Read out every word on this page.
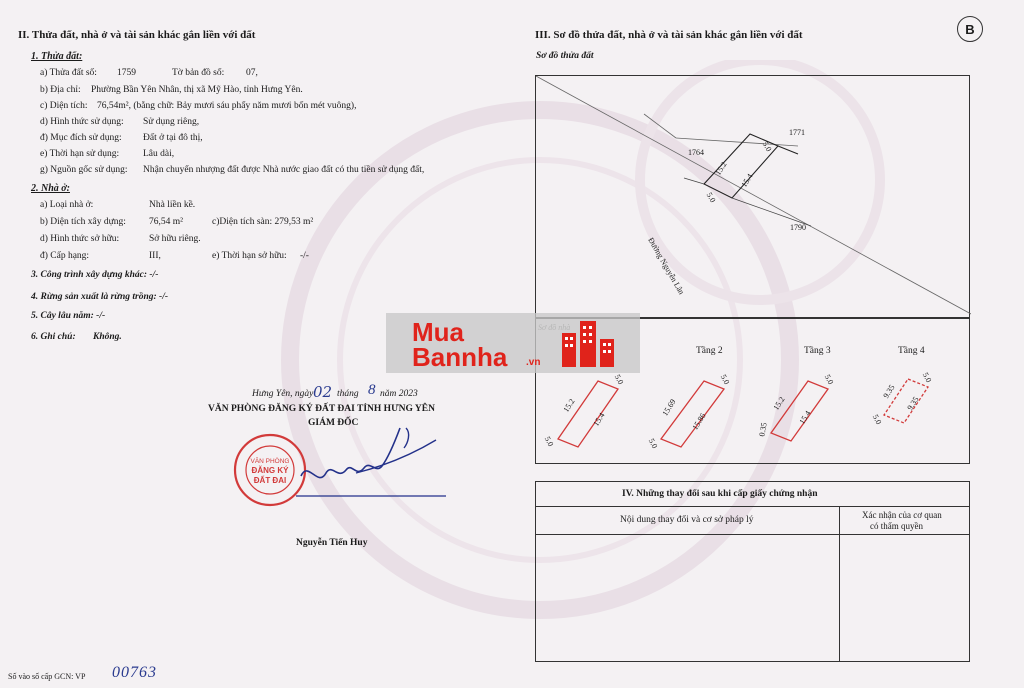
B
II. Thửa đất, nhà ở và tài sản khác gắn liền với đất
1. Thửa đất:
a) Thửa đất số: 1759	Tờ bản đồ số: 07,
b) Địa chỉ: Phường Bần Yên Nhân, thị xã Mỹ Hào, tỉnh Hưng Yên.
c) Diện tích: 76,54m², (bằng chữ: Bảy mươi sáu phẩy năm mươi bốn mét vuông),
d) Hình thức sử dụng: Sử dụng riêng,
đ) Mục đích sử dụng: Đất ở tại đô thị,
e) Thời hạn sử dụng:	Lâu dài,
g) Nguồn gốc sử dụng: Nhận chuyển nhượng đất được Nhà nước giao đất có thu tiền sử dụng đất,
2. Nhà ở:
a) Loại nhà ở:	Nhà liền kề.
b) Diện tích xây dựng: 76,54 m²	c)Diện tích sàn: 279,53 m²
d) Hình thức sở hữu:	Sở hữu riêng.
đ) Cấp hạng:	III,	e) Thời hạn sở hữu: -/-
3. Công trình xây dựng khác: -/-
4. Rừng sản xuất là rừng trồng: -/-
5. Cây lâu năm: -/-
6. Ghi chú: Không.
Hưng Yên, ngày 02 tháng 8 năm 2023
VĂN PHÒNG ĐĂNG KÝ ĐẤT ĐAI TỈNH HƯNG YÊN
GIÁM ĐỐC
VĂN PHÒNG
ĐĂNG KÝ
ĐẤT ĐAI
Nguyễn Tiến Huy
Số vào số cấp GCN: VP 00763
III. Sơ đồ thửa đất, nhà ở và tài sản khác gắn liền với đất
Sơ đồ thửa đất
1764
1771
1790
5.0
15.2
15.4
5.0
Đường Nguyễn Lân
Tầng 2	Tầng 3	Tầng 4
5.0
15.2
15.4
5.0
5.0
15.69
15.86
5.0
5.0
15.2
15.4
0.35
5.0
9.35
9.35
5.0
IV. Những thay đổi sau khi cấp giấy chứng nhận
Nội dung thay đổi và cơ sở pháp lý	Xác nhận của cơ quan
có thẩm quyền
Mua
Bannha .vn
